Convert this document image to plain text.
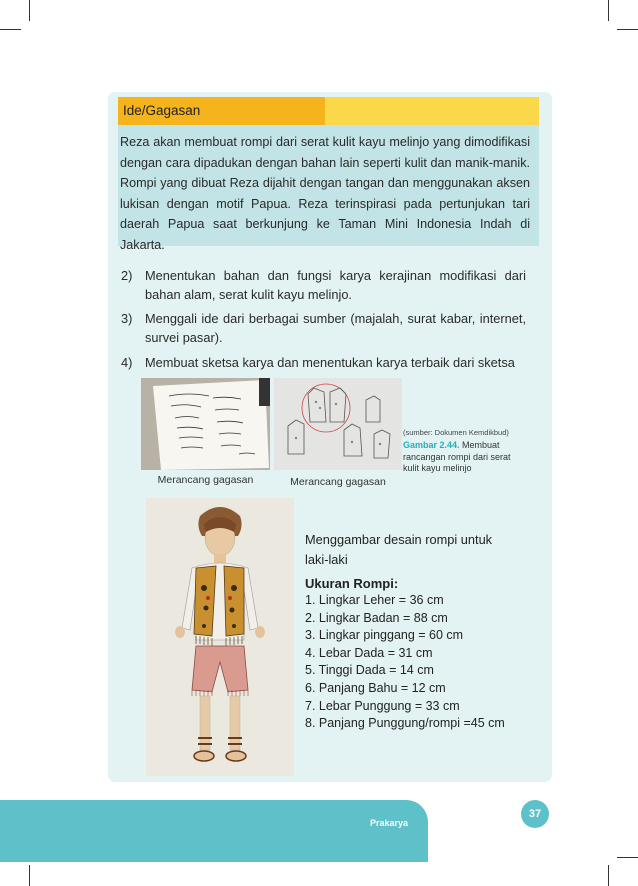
Ide/Gagasan
Reza akan membuat rompi dari serat kulit kayu melinjo yang dimodifikasi dengan cara dipadukan dengan bahan lain seperti kulit dan manik-manik. Rompi yang dibuat Reza dijahit dengan tangan dan menggunakan aksen lukisan dengan motif Papua. Reza terinspirasi pada pertunjukan tari daerah Papua saat berkunjung ke Taman Mini Indonesia Indah di Jakarta.
2) Menentukan bahan dan fungsi karya kerajinan modifikasi dari bahan alam, serat kulit kayu melinjo.
3) Menggali ide dari berbagai sumber (majalah, surat kabar, internet, survei pasar).
4) Membuat sketsa karya dan menentukan karya terbaik dari sketsa
Merancang gagasan	Merancang gagasan
(sumber: Dokumen Kemdikbud)
Gambar 2.44. Membuat rancangan rompi dari serat kulit kayu melinjo
Menggambar desain rompi untuk
laki-laki
Ukuran Rompi:
1. Lingkar Leher = 36 cm
2. Lingkar Badan = 88 cm
3. Lingkar pinggang = 60 cm
4. Lebar Dada = 31 cm
5. Tinggi Dada = 14 cm
6. Panjang Bahu = 12 cm
7. Lebar Punggung = 33 cm
8. Panjang Punggung/rompi =45 cm
Prakarya
37
